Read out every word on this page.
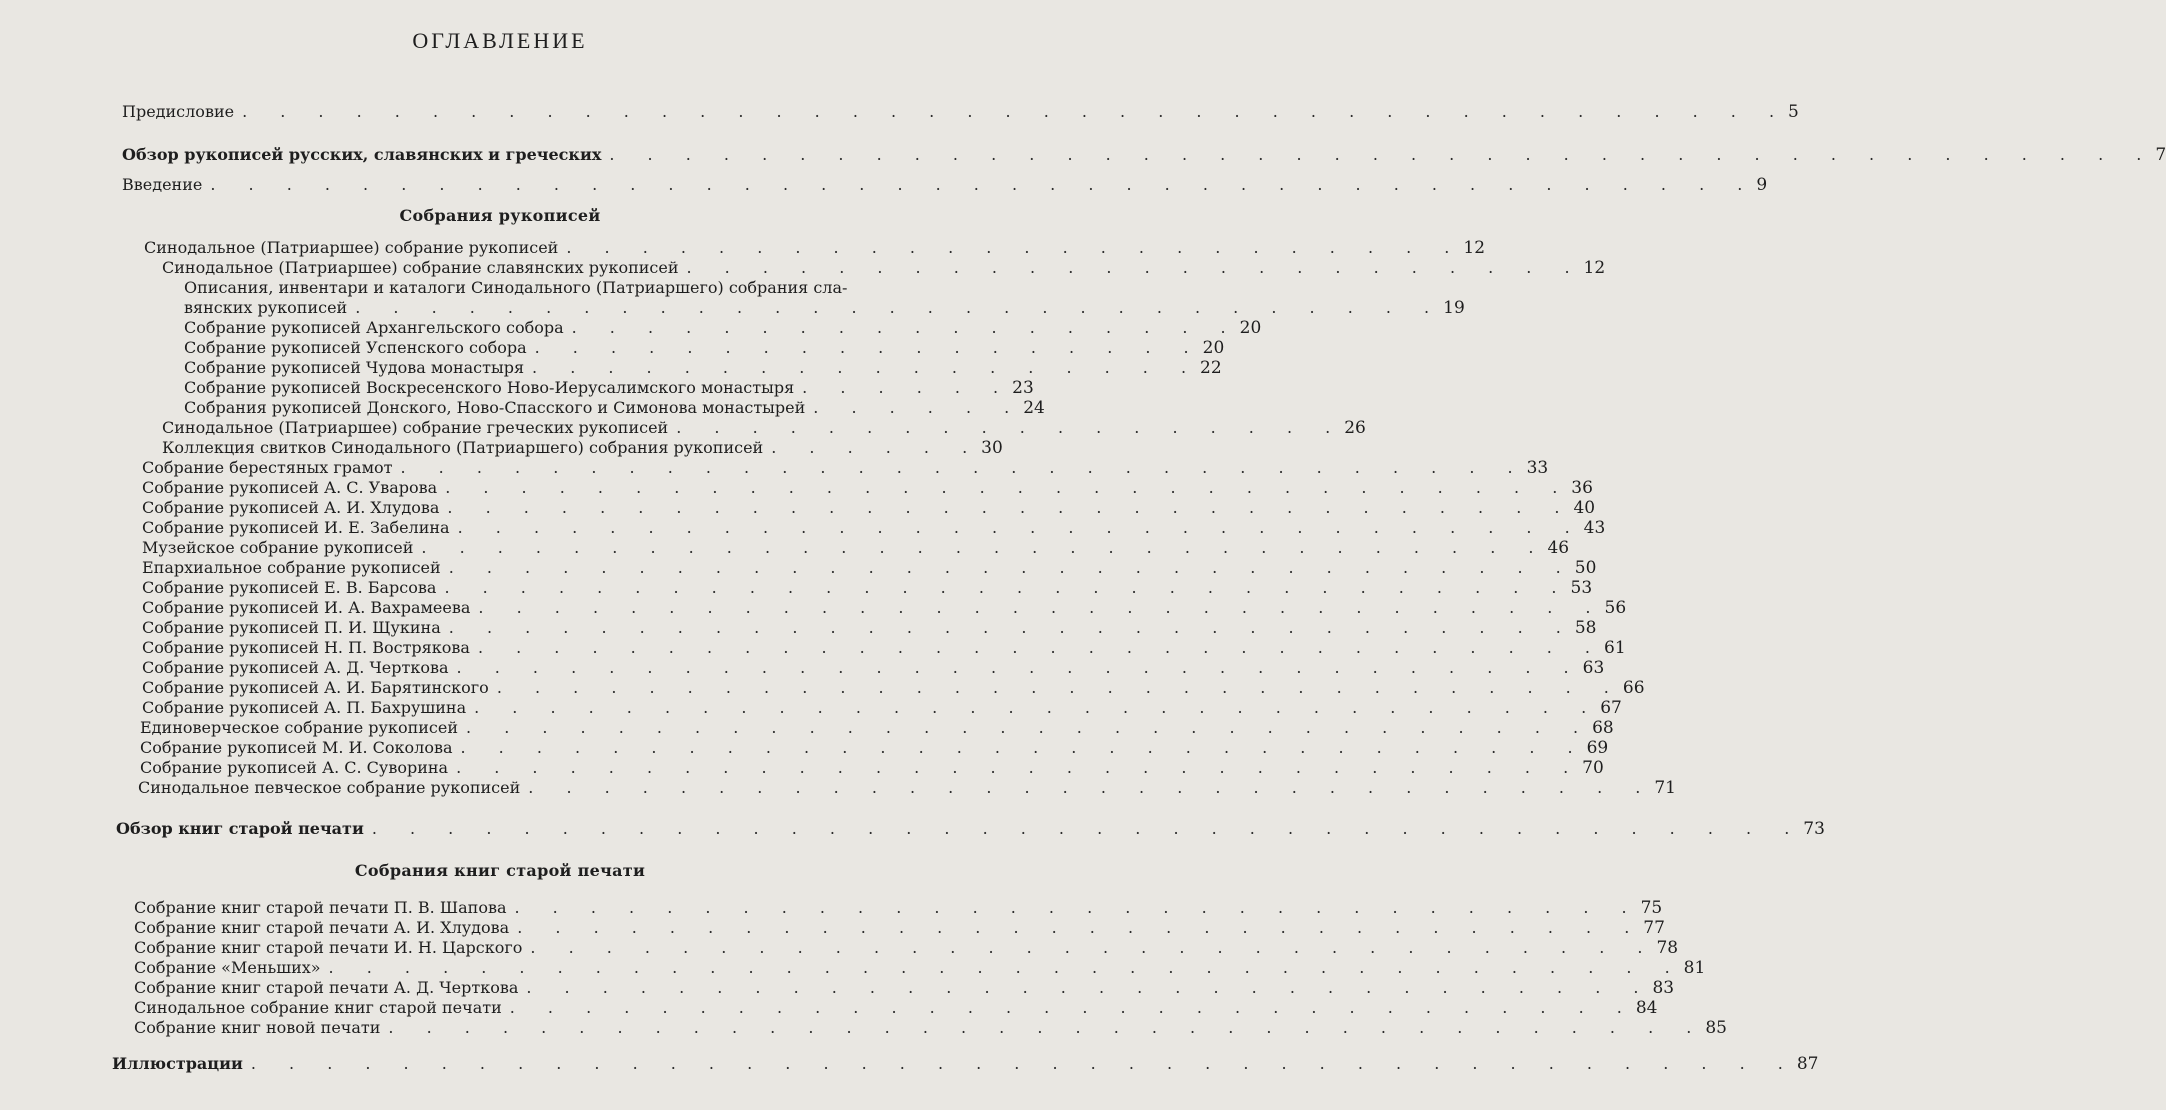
ОГЛАВЛЕНИЕ
Предисловие . . . . . . . . . . . . . . . . . . . . . . . . . . . . . . . . . . . . . . . . . 5
Обзор рукописей русских, славянских и греческих . . . . . . . . . . . . . . . . . . . . . . . . . . . . . . . . . . . . . . . . . 7
Введение . . . . . . . . . . . . . . . . . . . . . . . . . . . . . . . . . . . . . . . . . 9
Собрания рукописей
Синодальное (Патриаршее) собрание рукописей . . . . . . . . . . . . . . . . . . . . . . . . 12
Синодальное (Патриаршее) собрание славянских рукописей . . . . . . . . . . . . . . . . . . . . . . . . 12
Описания, инвентари и каталоги Синодального (Патриаршего) собрания сла-
вянских рукописей . . . . . . . . . . . . . . . . . . . . . . . . . . . . . 19
Собрание рукописей Архангельского собора . . . . . . . . . . . . . . . . . . 20
Собрание рукописей Успенского собора . . . . . . . . . . . . . . . . . . 20
Собрание рукописей Чудова монастыря . . . . . . . . . . . . . . . . . . 22
Собрание рукописей Воскресенского Ново-Иерусалимского монастыря . . . . . . 23
Собрания рукописей Донского, Ново-Спасского и Симонова монастырей . . . . . . 24
Синодальное (Патриаршее) собрание греческих рукописей . . . . . . . . . . . . . . . . . . 26
Коллекция свитков Синодального (Патриаршего) собрания рукописей . . . . . . 30
Собрание берестяных грамот . . . . . . . . . . . . . . . . . . . . . . . . . . . . . . 33
Собрание рукописей А. С. Уварова . . . . . . . . . . . . . . . . . . . . . . . . . . . . . . 36
Собрание рукописей А. И. Хлудова . . . . . . . . . . . . . . . . . . . . . . . . . . . . . . 40
Собрание рукописей И. Е. Забелина . . . . . . . . . . . . . . . . . . . . . . . . . . . . . . 43
Музейское собрание рукописей . . . . . . . . . . . . . . . . . . . . . . . . . . . . . . 46
Епархиальное собрание рукописей . . . . . . . . . . . . . . . . . . . . . . . . . . . . . . 50
Собрание рукописей Е. В. Барсова . . . . . . . . . . . . . . . . . . . . . . . . . . . . . . 53
Собрание рукописей И. А. Вахрамеева . . . . . . . . . . . . . . . . . . . . . . . . . . . . . . 56
Собрание рукописей П. И. Щукина . . . . . . . . . . . . . . . . . . . . . . . . . . . . . . 58
Собрание рукописей Н. П. Вострякова . . . . . . . . . . . . . . . . . . . . . . . . . . . . . . 61
Собрание рукописей А. Д. Черткова . . . . . . . . . . . . . . . . . . . . . . . . . . . . . . 63
Собрание рукописей А. И. Барятинского . . . . . . . . . . . . . . . . . . . . . . . . . . . . . . 66
Собрание рукописей А. П. Бахрушина . . . . . . . . . . . . . . . . . . . . . . . . . . . . . . 67
Единоверческое собрание рукописей . . . . . . . . . . . . . . . . . . . . . . . . . . . . . . 68
Собрание рукописей М. И. Соколова . . . . . . . . . . . . . . . . . . . . . . . . . . . . . . 69
Собрание рукописей А. С. Суворина . . . . . . . . . . . . . . . . . . . . . . . . . . . . . . 70
Синодальное певческое собрание рукописей . . . . . . . . . . . . . . . . . . . . . . . . . . . . . . 71
Обзор книг старой печати . . . . . . . . . . . . . . . . . . . . . . . . . . . . . . . . . . . . . . 73
Собрания книг старой печати
Собрание книг старой печати П. В. Шапова . . . . . . . . . . . . . . . . . . . . . . . . . . . . . . 75
Собрание книг старой печати А. И. Хлудова . . . . . . . . . . . . . . . . . . . . . . . . . . . . . . 77
Собрание книг старой печати И. Н. Царского . . . . . . . . . . . . . . . . . . . . . . . . . . . . . . 78
Собрание «Меньших» . . . . . . . . . . . . . . . . . . . . . . . . . . . . . . . . . . . . 81
Собрание книг старой печати А. Д. Черткова . . . . . . . . . . . . . . . . . . . . . . . . . . . . . . 83
Синодальное собрание книг старой печати . . . . . . . . . . . . . . . . . . . . . . . . . . . . . . 84
Собрание книг новой печати . . . . . . . . . . . . . . . . . . . . . . . . . . . . . . . . . . . 85
Иллюстрации . . . . . . . . . . . . . . . . . . . . . . . . . . . . . . . . . . . . . . . . . 87
